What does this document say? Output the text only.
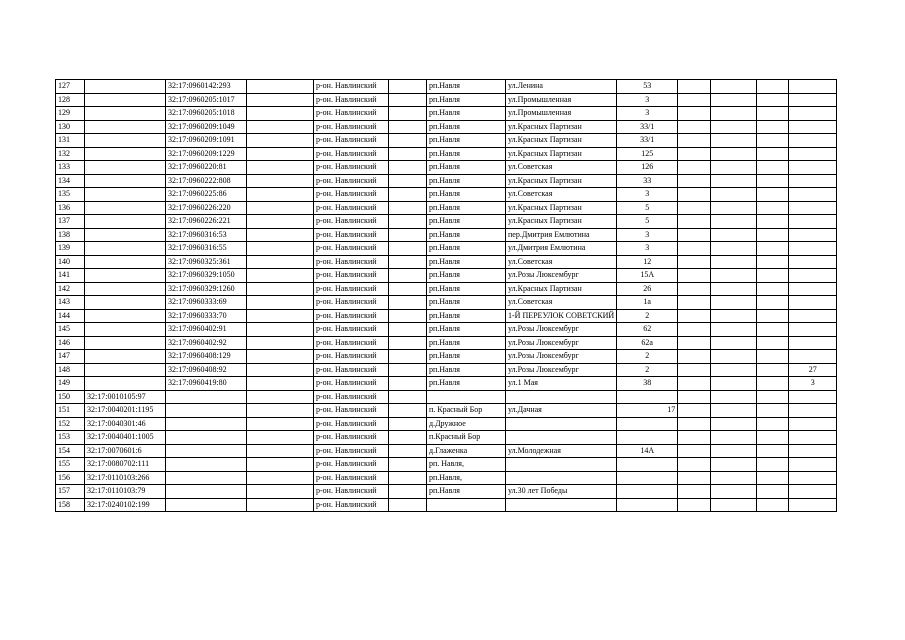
127		32:17:0960142:293		р-он. Навлинский		рп.Навля	ул.Ленина	53				
128		32:17:0960205:1017		р-он. Навлинский		рп.Навля	ул.Промышленная	3				
129		32:17:0960205:1018		р-он. Навлинский		рп.Навля	ул.Промышленная	3				
130		32:17:0960209:1049		р-он. Навлинский		рп.Навля	ул.Красных Партизан	33/1				
131		32:17:0960209:1091		р-он. Навлинский		рп.Навля	ул.Красных Партизан	33/1				
132		32:17:0960209:1229		р-он. Навлинский		рп.Навля	ул.Красных Партизан	125				
133		32:17:0960220:81		р-он. Навлинский		рп.Навля	ул.Советская	126				
134		32:17:0960222:808		р-он. Навлинский		рп.Навля	ул.Красных Партизан	33				
135		32:17:0960225:86		р-он. Навлинский		рп.Навля	ул.Советская	3				
136		32:17:0960226:220		р-он. Навлинский		рп.Навля	ул.Красных Партизан	5				
137		32:17:0960226:221		р-он. Навлинский		рп.Навля	ул.Красных Партизан	5				
138		32:17:0960316:53		р-он. Навлинский		рп.Навля	пер.Дмитрия Емлютина	3				
139		32:17:0960316:55		р-он. Навлинский		рп.Навля	ул.Дмитрия Емлютина	3				
140		32:17:0960325:361		р-он. Навлинский		рп.Навля	ул.Советская	12				
141		32:17:0960329:1050		р-он. Навлинский		рп.Навля	ул.Розы Люксембург	15А				
142		32:17:0960329:1260		р-он. Навлинский		рп.Навля	ул.Красных Партизан	26				
143		32:17:0960333:69		р-он. Навлинский		рп.Навля	ул.Советская	1а				
144		32:17:0960333:70		р-он. Навлинский		рп.Навля	1-Й ПЕРЕУЛОК СОВЕТСКИЙ	2				
145		32:17:0960402:91		р-он. Навлинский		рп.Навля	ул.Розы Люксембург	62				
146		32:17:0960402:92		р-он. Навлинский		рп.Навля	ул.Розы Люксембург	62а				
147		32:17:0960408:129		р-он. Навлинский		рп.Навля	ул.Розы Люксембург	2				
148		32:17:0960408:92		р-он. Навлинский		рп.Навля	ул.Розы Люксембург	2				27
149		32:17:0960419:80		р-он. Навлинский		рп.Навля	ул.1 Мая	38				3
150	32:17:0010105:97			р-он. Навлинский								
151	32:17:0040201:1195			р-он. Навлинский		п. Красный Бор	ул.Дачная	17				
152	32:17:0040301:46			р-он. Навлинский		д.Дружное						
153	32:17:0040401:1005			р-он. Навлинский		п.Красный Бор						
154	32:17:0070601:6			р-он. Навлинский		д.Глаженка	ул.Молодежная	14А				
155	32:17:0080702:111			р-он. Навлинский		рп. Навля,						
156	32:17:0110103:266			р-он. Навлинский		рп.Навля,						
157	32:17:0110103:79			р-он. Навлинский		рп.Навля	ул.30 лет Победы					
158	32:17:0240102:199			р-он. Навлинский								
